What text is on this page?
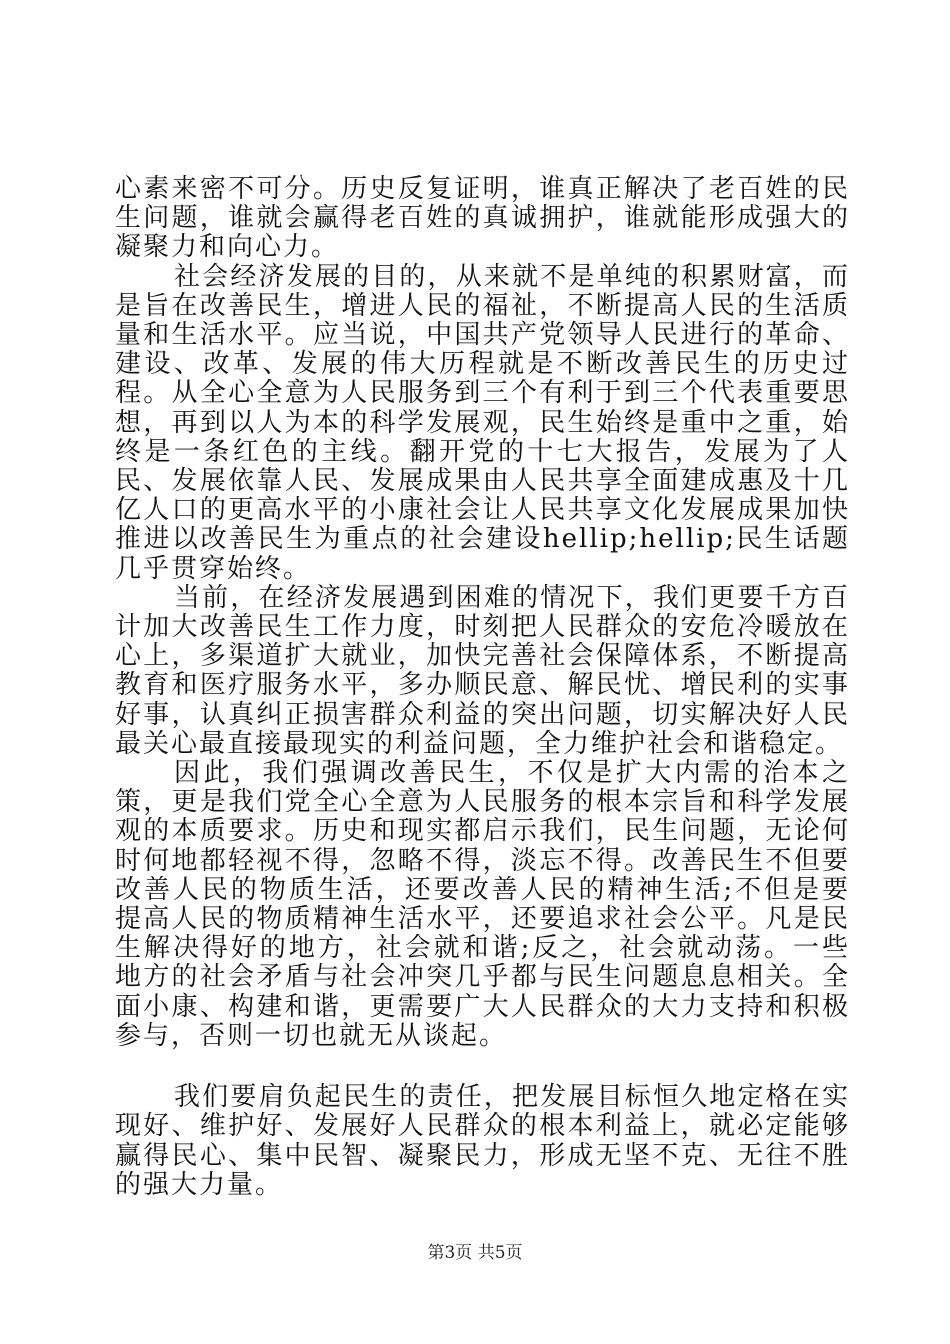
心素来密不可分。历史反复证明，谁真正解决了老百姓的民生问题，谁就会赢得老百姓的真诚拥护，谁就能形成强大的凝聚力和向心力。

社会经济发展的目的，从来就不是单纯的积累财富，而是旨在改善民生，增进人民的福祉，不断提高人民的生活质量和生活水平。应当说，中国共产党领导人民进行的革命、建设、改革、发展的伟大历程就是不断改善民生的历史过程。从全心全意为人民服务到三个有利于到三个代表重要思想，再到以人为本的科学发展观，民生始终是重中之重，始终是一条红色的主线。翻开党的十七大报告，发展为了人民、发展依靠人民、发展成果由人民共享全面建成惠及十几亿人口的更高水平的小康社会让人民共享文化发展成果加快推进以改善民生为重点的社会建设hellip;hellip;民生话题几乎贯穿始终。

当前，在经济发展遇到困难的情况下，我们更要千方百计加大改善民生工作力度，时刻把人民群众的安危冷暖放在心上，多渠道扩大就业，加快完善社会保障体系，不断提高教育和医疗服务水平，多办顺民意、解民忧、增民利的实事好事，认真纠正损害群众利益的突出问题，切实解决好人民最关心最直接最现实的利益问题，全力维护社会和谐稳定。

因此，我们强调改善民生，不仅是扩大内需的治本之策，更是我们党全心全意为人民服务的根本宗旨和科学发展观的本质要求。历史和现实都启示我们，民生问题，无论何时何地都轻视不得，忽略不得，淡忘不得。改善民生不但要改善人民的物质生活，还要改善人民的精神生活;不但是要提高人民的物质精神生活水平，还要追求社会公平。凡是民生解决得好的地方，社会就和谐;反之，社会就动荡。一些地方的社会矛盾与社会冲突几乎都与民生问题息息相关。全面小康、构建和谐，更需要广大人民群众的大力支持和积极参与，否则一切也就无从谈起。

我们要肩负起民生的责任，把发展目标恒久地定格在实现好、维护好、发展好人民群众的根本利益上，就必定能够赢得民心、集中民智、凝聚民力，形成无坚不克、无往不胜的强大力量。

第3页 共5页
